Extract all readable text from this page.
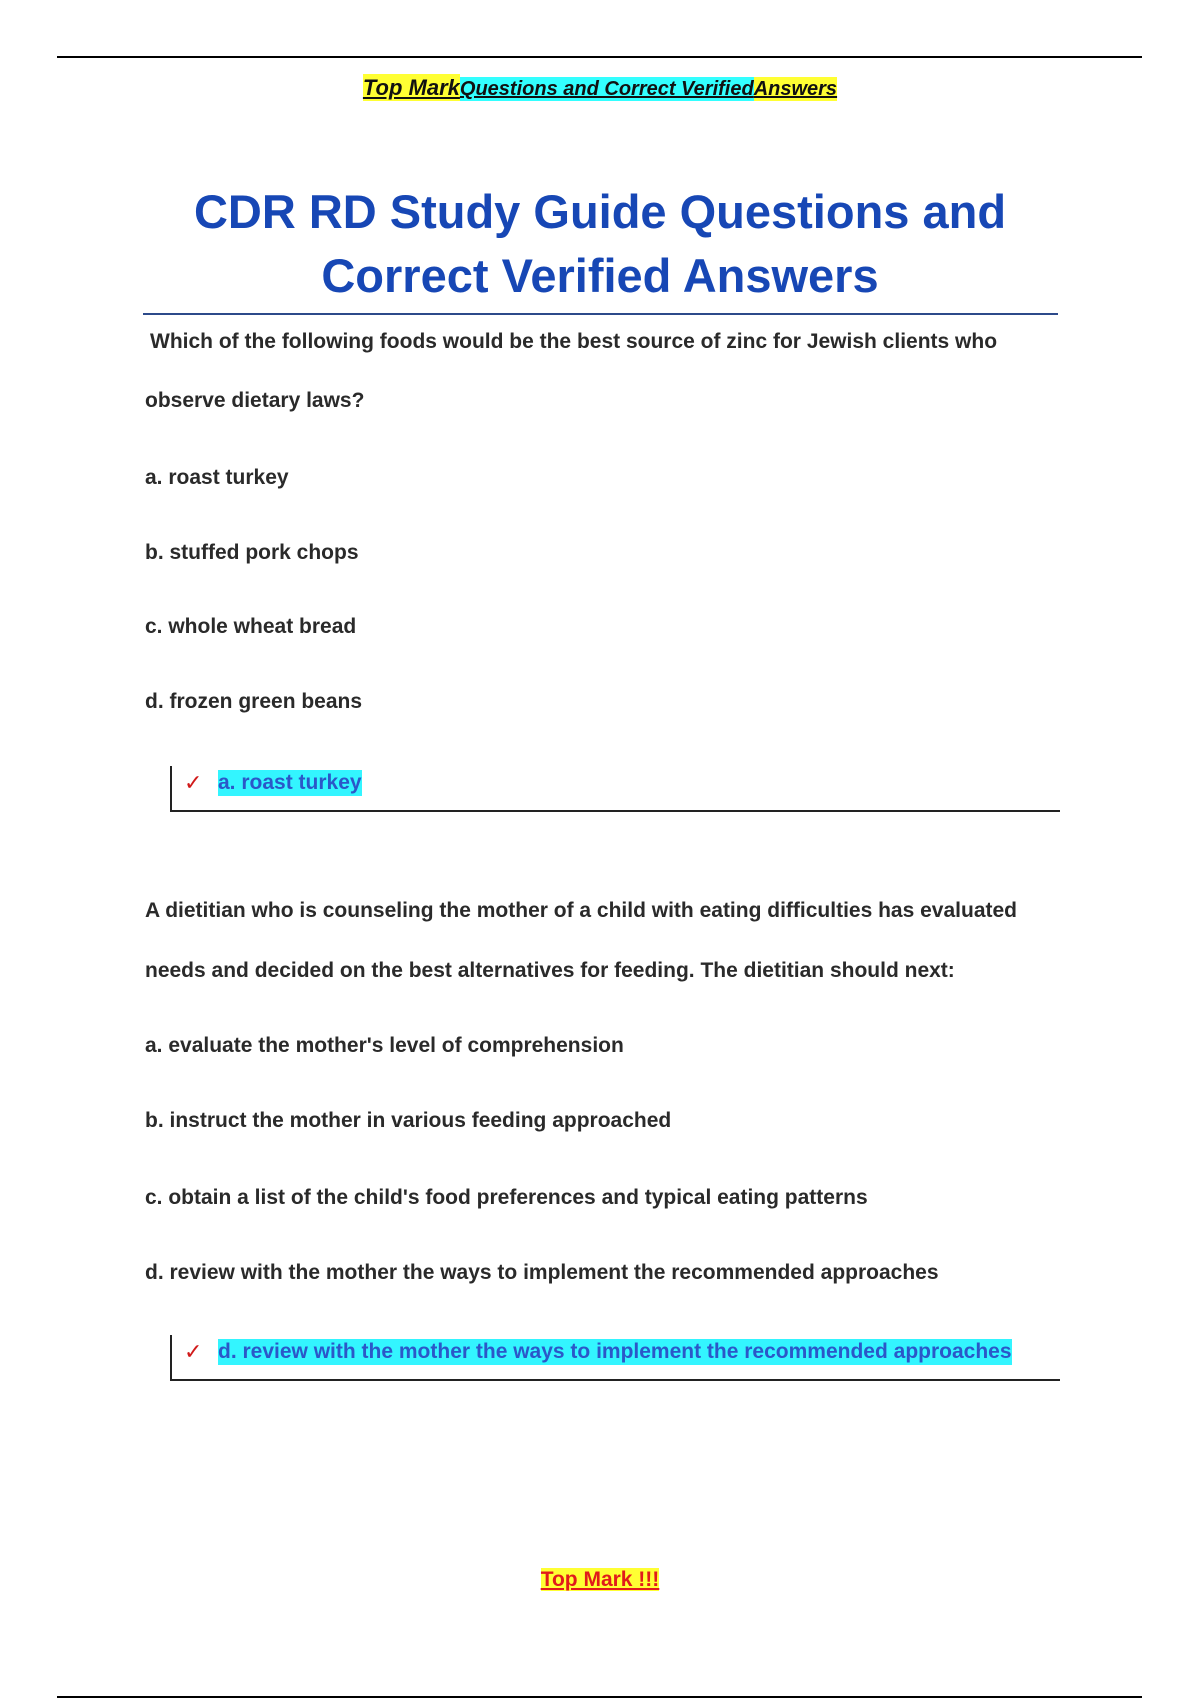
Top MarkQuestions and Correct VerifiedAnswers
CDR RD Study Guide Questions and
Correct Verified Answers
Which of the following foods would be the best source of zinc for Jewish clients who
observe dietary laws?
a. roast turkey
b. stuffed pork chops
c. whole wheat bread
d. frozen green beans
✓ a. roast turkey
A dietitian who is counseling the mother of a child with eating difficulties has evaluated
needs and decided on the best alternatives for feeding. The dietitian should next:
a. evaluate the mother's level of comprehension
b. instruct the mother in various feeding approached
c. obtain a list of the child's food preferences and typical eating patterns
d. review with the mother the ways to implement the recommended approaches
✓ d. review with the mother the ways to implement the recommended approaches
Top Mark !!!
